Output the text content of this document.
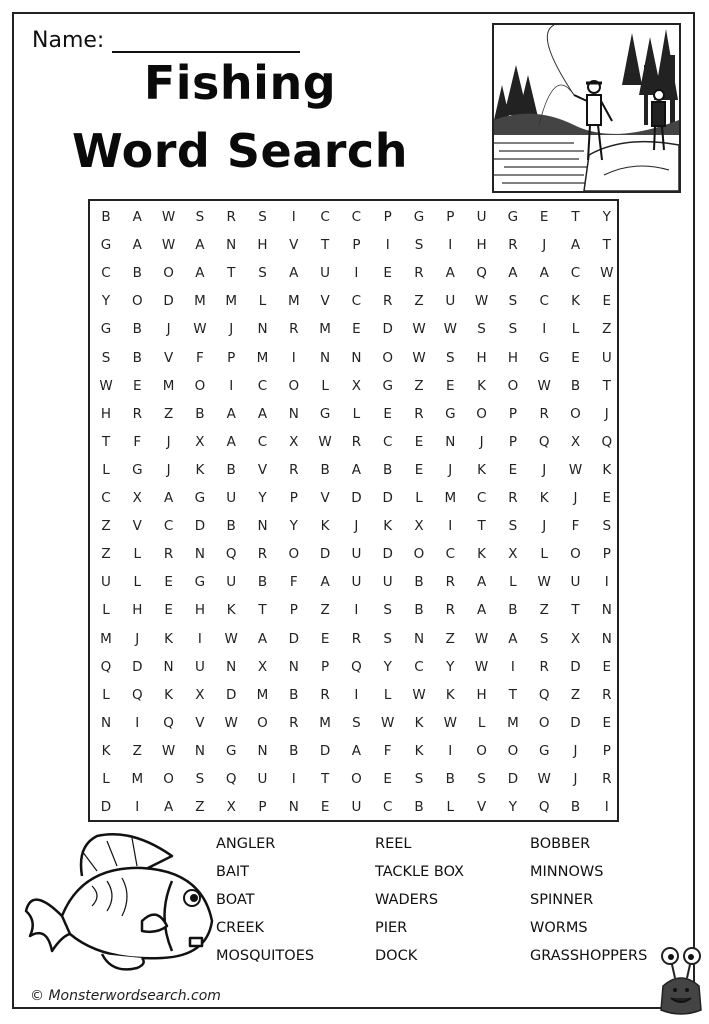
Name:
Fishing
Word Search
B	A	W	S	R	S	I	C	C	P	G	P	U	G	E	T	Y
G	A	W	A	N	H	V	T	P	I	S	I	H	R	J	A	T
C	B	O	A	T	S	A	U	I	E	R	A	Q	A	A	C	W
Y	O	D	M	M	L	M	V	C	R	Z	U	W	S	C	K	E
G	B	J	W	J	N	R	M	E	D	W	W	S	S	I	L	Z
S	B	V	F	P	M	I	N	N	O	W	S	H	H	G	E	U
W	E	M	O	I	C	O	L	X	G	Z	E	K	O	W	B	T
H	R	Z	B	A	A	N	G	L	E	R	G	O	P	R	O	J
T	F	J	X	A	C	X	W	R	C	E	N	J	P	Q	X	Q
L	G	J	K	B	V	R	B	A	B	E	J	K	E	J	W	K
C	X	A	G	U	Y	P	V	D	D	L	M	C	R	K	J	E
Z	V	C	D	B	N	Y	K	J	K	X	I	T	S	J	F	S
Z	L	R	N	Q	R	O	D	U	D	O	C	K	X	L	O	P
U	L	E	G	U	B	F	A	U	U	B	R	A	L	W	U	I
L	H	E	H	K	T	P	Z	I	S	B	R	A	B	Z	T	N
M	J	K	I	W	A	D	E	R	S	N	Z	W	A	S	X	N
Q	D	N	U	N	X	N	P	Q	Y	C	Y	W	I	R	D	E
L	Q	K	X	D	M	B	R	I	L	W	K	H	T	Q	Z	R
N	I	Q	V	W	O	R	M	S	W	K	W	L	M	O	D	E
K	Z	W	N	G	N	B	D	A	F	K	I	O	O	G	J	P
L	M	O	S	Q	U	I	T	O	E	S	B	S	D	W	J	R
D	I	A	Z	X	P	N	E	U	C	B	L	V	Y	Q	B	I
ANGLER
BAIT
BOAT
CREEK
MOSQUITOES
REEL
TACKLE BOX
WADERS
PIER
DOCK
BOBBER
MINNOWS
SPINNER
WORMS
GRASSHOPPERS
© Monsterwordsearch.com
